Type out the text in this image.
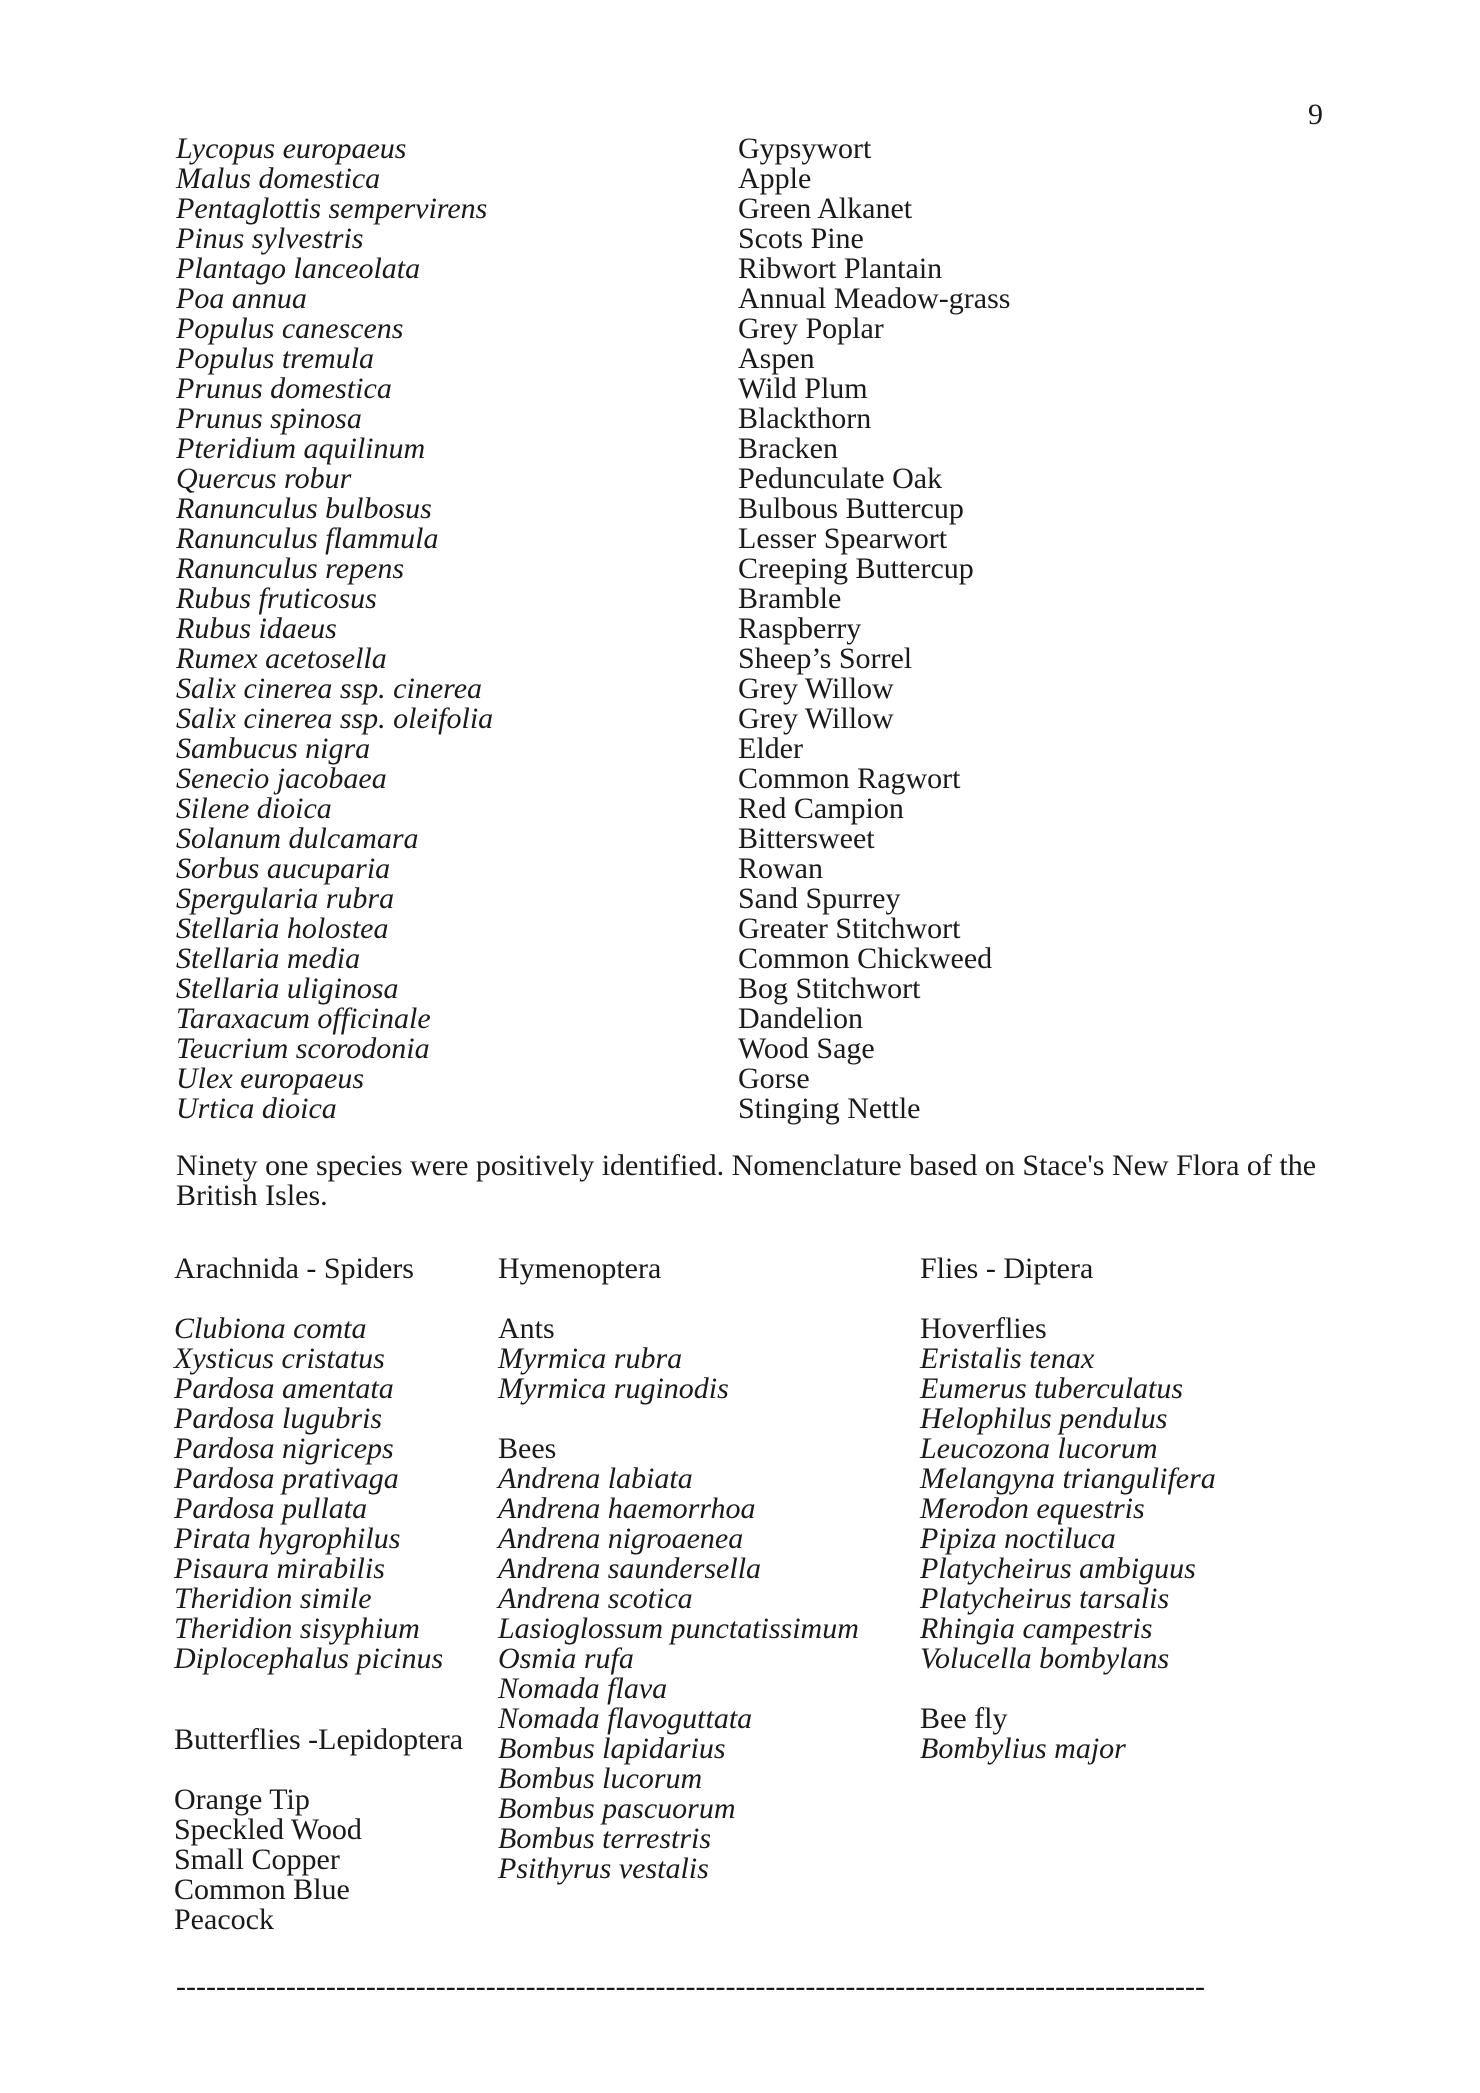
9
Lycopus europaeus	Gypsywort
Malus domestica	Apple
Pentaglottis sempervirens	Green Alkanet
Pinus sylvestris	Scots Pine
Plantago lanceolata	Ribwort Plantain
Poa annua	Annual Meadow-grass
Populus canescens	Grey Poplar
Populus tremula	Aspen
Prunus domestica	Wild Plum
Prunus spinosa	Blackthorn
Pteridium aquilinum	Bracken
Quercus robur	Pedunculate Oak
Ranunculus bulbosus	Bulbous Buttercup
Ranunculus flammula	Lesser Spearwort
Ranunculus repens	Creeping Buttercup
Rubus fruticosus	Bramble
Rubus idaeus	Raspberry
Rumex acetosella	Sheep’s Sorrel
Salix cinerea ssp. cinerea	Grey Willow
Salix cinerea ssp. oleifolia	Grey Willow
Sambucus nigra	Elder
Senecio jacobaea	Common Ragwort
Silene dioica	Red Campion
Solanum dulcamara	Bittersweet
Sorbus aucuparia	Rowan
Spergularia rubra	Sand Spurrey
Stellaria holostea	Greater Stitchwort
Stellaria media	Common Chickweed
Stellaria uliginosa	Bog Stitchwort
Taraxacum officinale	Dandelion
Teucrium scorodonia	Wood Sage
Ulex europaeus	Gorse
Urtica dioica	Stinging Nettle
Ninety one species were positively identified. Nomenclature based on Stace's New Flora of the British Isles.
Arachnida - Spiders
Clubiona comta
Xysticus cristatus
Pardosa amentata
Pardosa lugubris
Pardosa nigriceps
Pardosa prativaga
Pardosa pullata
Pirata hygrophilus
Pisaura mirabilis
Theridion simile
Theridion sisyphium
Diplocephalus picinus
Hymenoptera
Ants
Myrmica rubra
Myrmica ruginodis
Bees
Andrena labiata
Andrena haemorrhoa
Andrena nigroaenea
Andrena saundersella
Andrena scotica
Lasioglossum punctatissimum
Osmia rufa
Nomada flava
Nomada flavoguttata
Bombus lapidarius
Bombus lucorum
Bombus pascuorum
Bombus terrestris
Psithyrus vestalis
Flies - Diptera
Hoverflies
Eristalis tenax
Eumerus tuberculatus
Helophilus pendulus
Leucozona lucorum
Melangyna triangulifera
Merodon equestris
Pipiza noctiluca
Platycheirus ambiguus
Platycheirus tarsalis
Rhingia campestris
Volucella bombylans
Bee fly
Bombylius major
Butterflies -Lepidoptera
Orange Tip
Speckled Wood
Small Copper
Common Blue
Peacock
-------------------------------------------------------------------------------------------------------
